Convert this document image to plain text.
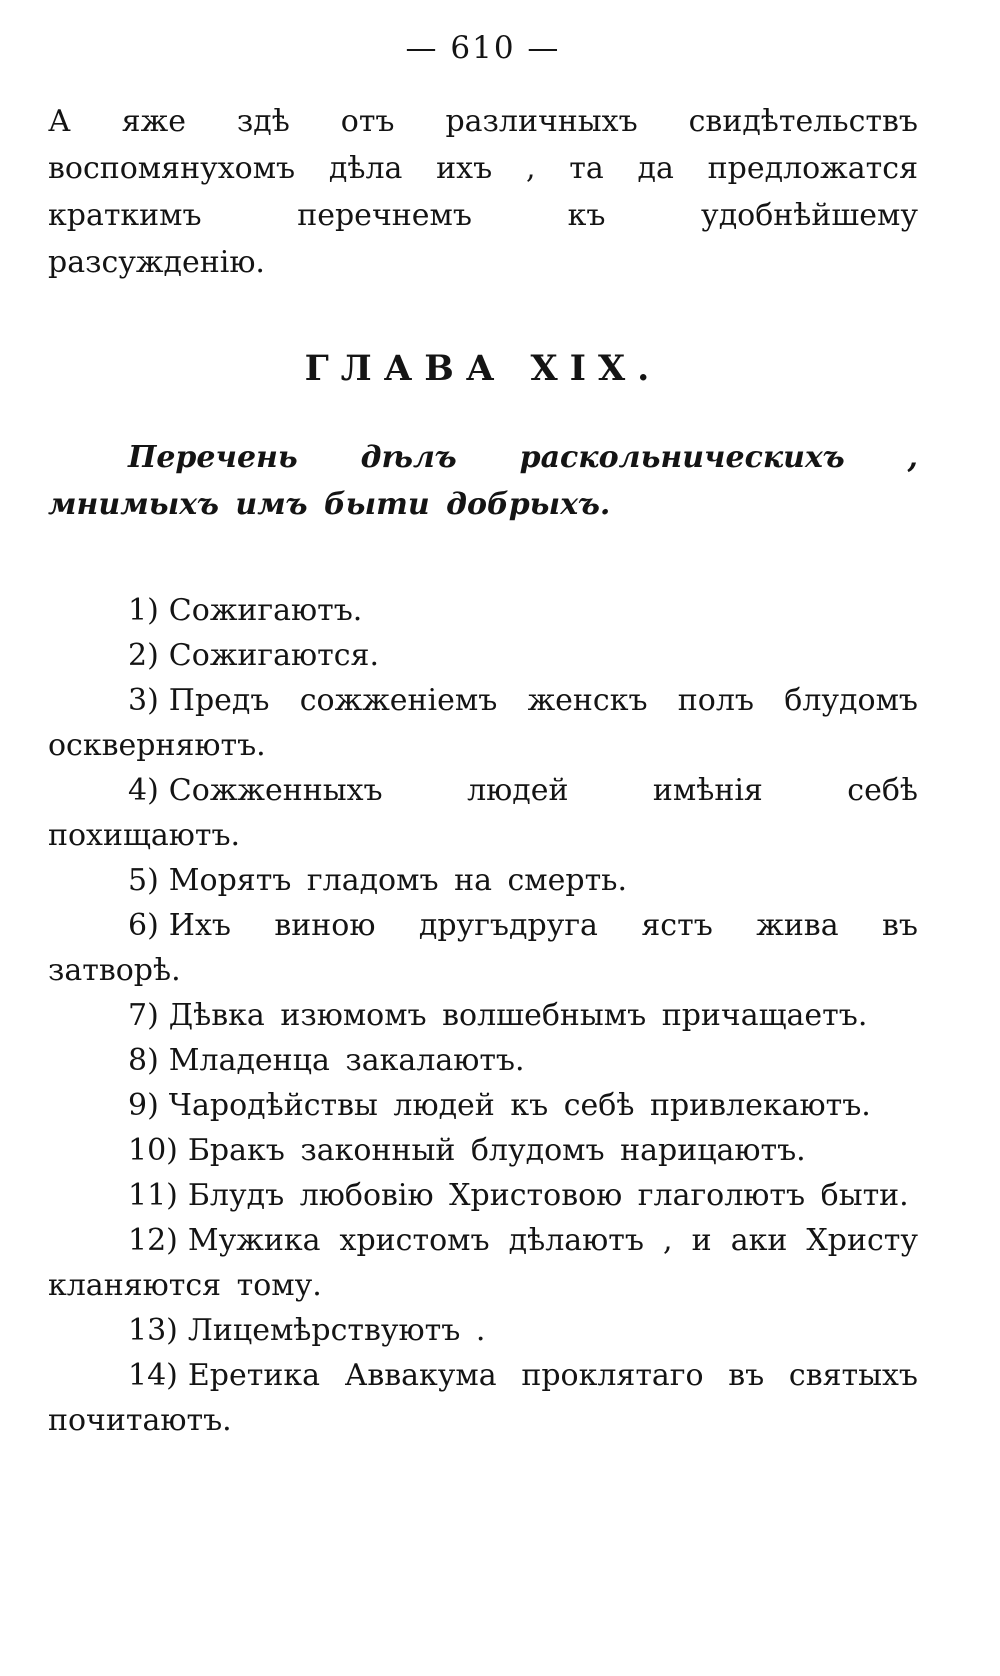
— 610 —

А яже здѣ отъ различныхъ свидѣтельствъ воспомянухомъ дѣла ихъ , та да предложатся краткимъ перечнемъ къ удобнѣйшему разсужденiю.

ГЛАВА XIX.

Перечень дѣлъ раскольническихъ , мнимыхъ имъ быти добрыхъ.

1) Сожигаютъ.
2) Сожигаются.
3) Предъ сожженiемъ женскъ полъ блудомъ оскверняютъ.
4) Сожженныхъ людей имѣнiя себѣ похищаютъ.
5) Морятъ гладомъ на смерть.
6) Ихъ виною другъдруга ястъ жива въ затворѣ.
7) Дѣвка изюмомъ волшебнымъ причащаетъ.
8) Младенца закалаютъ.
9) Чародѣйствы людей къ себѣ привлекаютъ.
10) Бракъ законный блудомъ нарицаютъ.
11) Блудъ любовiю Христовою глаголютъ быти.
12) Мужика христомъ дѣлаютъ , и аки Христу кланяются тому.
13) Лицемѣрствуютъ .
14) Еретика Аввакума проклятаго въ святыхъ почитаютъ.
